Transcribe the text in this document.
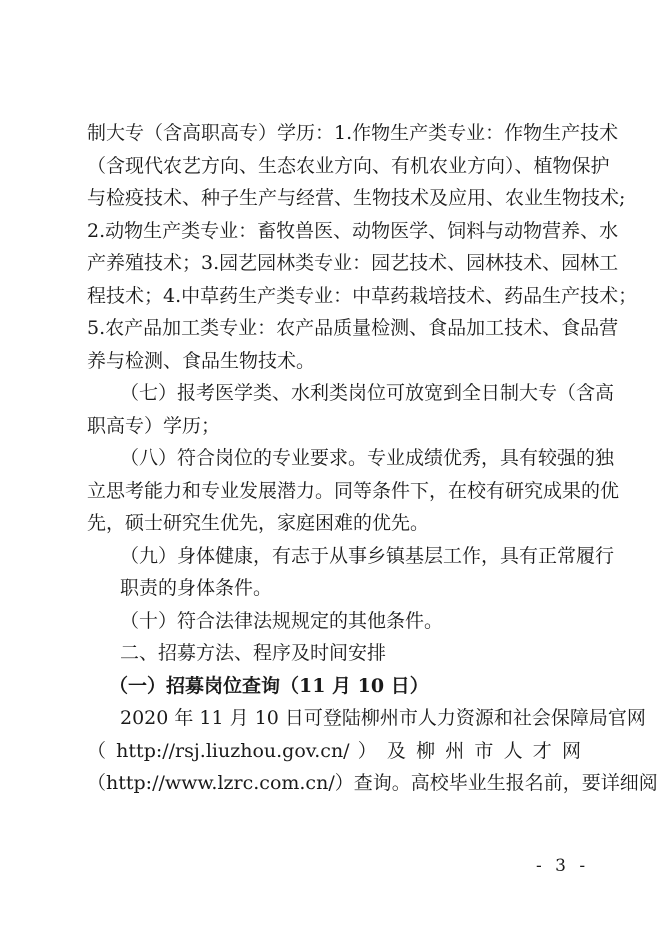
制大专（含高职高专）学历：1.作物生产类专业：作物生产技术
（含现代农艺方向、生态农业方向、有机农业方向）、植物保护
与检疫技术、种子生产与经营、生物技术及应用、农业生物技术;
2.动物生产类专业：畜牧兽医、动物医学、饲料与动物营养、水
产养殖技术；3.园艺园林类专业：园艺技术、园林技术、园林工
程技术；4.中草药生产类专业：中草药栽培技术、药品生产技术；
5.农产品加工类专业：农产品质量检测、食品加工技术、食品营
养与检测、食品生物技术。
（七）报考医学类、水利类岗位可放宽到全日制大专（含高
职高专）学历；
（八）符合岗位的专业要求。专业成绩优秀，具有较强的独
立思考能力和专业发展潜力。同等条件下，在校有研究成果的优
先，硕士研究生优先，家庭困难的优先。
（九）身体健康，有志于从事乡镇基层工作，具有正常履行
职责的身体条件。
（十）符合法律法规规定的其他条件。
二、招募方法、程序及时间安排
（一）招募岗位查询（11 月 10 日）
2020 年 11 月 10 日可登陆柳州市人力资源和社会保障局官网
（ http://rsj.liuzhou.gov.cn/ ） 及 柳 州 市 人 才 网
（http://www.lzrc.com.cn/）查询。高校毕业生报名前，要详细阅
- 3 -
